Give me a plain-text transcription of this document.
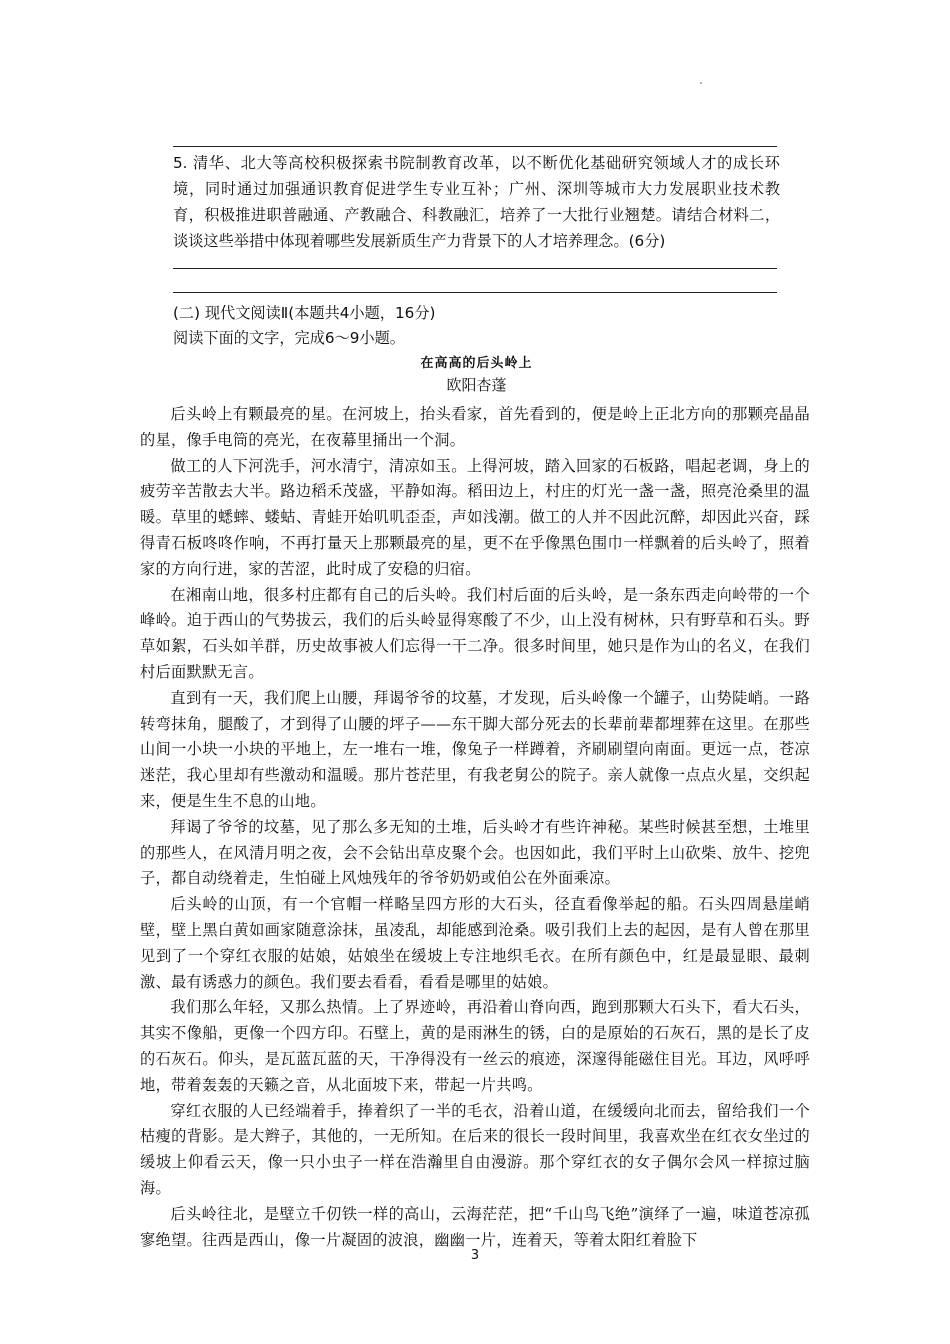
5. 清华、北大等高校积极探索书院制教育改革，以不断优化基础研究领域人才的成长环境，同时通过加强通识教育促进学生专业互补；广州、深圳等城市大力发展职业技术教育，积极推进职普融通、产教融合、科教融汇，培养了一大批行业翘楚。请结合材料二，谈谈这些举措中体现着哪些发展新质生产力背景下的人才培养理念。(6分)
(二) 现代文阅读Ⅱ(本题共4小题，16分)
阅读下面的文字，完成6～9小题。
在高高的后头岭上
欧阳杏蓬

后头岭上有颗最亮的星。在河坡上，抬头看家，首先看到的，便是岭上正北方向的那颗亮晶晶的星，像手电筒的亮光，在夜幕里捅出一个洞。

做工的人下河洗手，河水清宁，清凉如玉。上得河坡，踏入回家的石板路，唱起老调，身上的疲劳辛苦散去大半。路边稻禾茂盛，平静如海。稻田边上，村庄的灯光一盏一盏，照亮沧桑里的温暖。草里的蟋蟀、蝼蛄、青蛙开始叽叽歪歪，声如浅潮。做工的人并不因此沉醉，却因此兴奋，踩得青石板咚咚作响，不再打量天上那颗最亮的星，更不在乎像黑色围巾一样飘着的后头岭了，照着家的方向行进，家的苦涩，此时成了安稳的归宿。

在湘南山地，很多村庄都有自己的后头岭。我们村后面的后头岭，是一条东西走向岭带的一个峰岭。迫于西山的气势拔云，我们的后头岭显得寒酸了不少，山上没有树林，只有野草和石头。野草如絮，石头如羊群，历史故事被人们忘得一干二净。很多时间里，她只是作为山的名义，在我们村后面默默无言。

直到有一天，我们爬上山腰，拜谒爷爷的坟墓，才发现，后头岭像一个罐子，山势陡峭。一路转弯抹角，腿酸了，才到得了山腰的坪子——东干脚大部分死去的长辈前辈都埋葬在这里。在那些山间一小块一小块的平地上，左一堆右一堆，像兔子一样蹲着，齐刷刷望向南面。更远一点，苍凉迷茫，我心里却有些激动和温暖。那片苍茫里，有我老舅公的院子。亲人就像一点点火星，交织起来，便是生生不息的山地。

拜谒了爷爷的坟墓，见了那么多无知的土堆，后头岭才有些许神秘。某些时候甚至想，土堆里的那些人，在风清月明之夜，会不会钻出草皮聚个会。也因如此，我们平时上山砍柴、放牛、挖兜子，都自动绕着走，生怕碰上风烛残年的爷爷奶奶或伯公在外面乘凉。

后头岭的山顶，有一个官帽一样略呈四方形的大石头，径直看像举起的船。石头四周悬崖峭壁，壁上黑白黄如画家随意涂抹，虽凌乱，却能感到沧桑。吸引我们上去的起因，是有人曾在那里见到了一个穿红衣服的姑娘，姑娘坐在缓坡上专注地织毛衣。在所有颜色中，红是最显眼、最刺激、最有诱惑力的颜色。我们要去看看，看看是哪里的姑娘。

我们那么年轻，又那么热情。上了界迹岭，再沿着山脊向西，跑到那颗大石头下，看大石头，其实不像船，更像一个四方印。石壁上，黄的是雨淋生的锈，白的是原始的石灰石，黑的是长了皮的石灰石。仰头，是瓦蓝瓦蓝的天，干净得没有一丝云的痕迹，深邃得能磁住目光。耳边，风呼呼地，带着轰轰的天籁之音，从北面坡下来，带起一片共鸣。

穿红衣服的人已经端着手，捧着织了一半的毛衣，沿着山道，在缓缓向北而去，留给我们一个枯瘦的背影。是大辫子，其他的，一无所知。在后来的很长一段时间里，我喜欢坐在红衣女坐过的缓坡上仰看云天，像一只小虫子一样在浩瀚里自由漫游。那个穿红衣的女子偶尔会风一样掠过脑海。

后头岭往北，是壁立千仞铁一样的高山，云海茫茫，把“千山鸟飞绝”演绎了一遍，味道苍凉孤寥绝望。往西是西山，像一片凝固的波浪，幽幽一片，连着天，等着太阳红着脸下

3
